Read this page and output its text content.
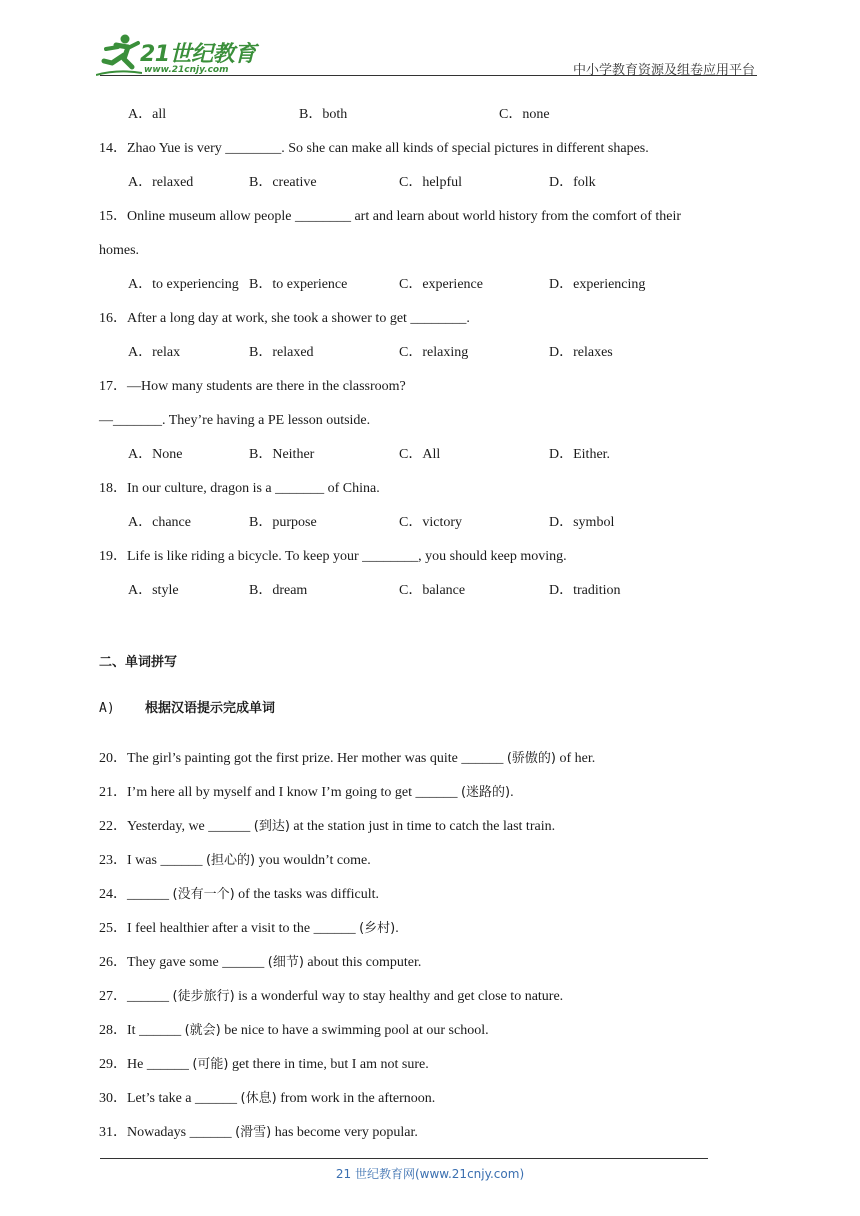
21世纪教育
www.21cnjy.com	中小学教育资源及组卷应用平台
A．all	B．both	C．none
14．Zhao Yue is very ________. So she can make all kinds of special pictures in different shapes.
A．relaxed	B．creative	C．helpful	D．folk
15．Online museum allow people ________ art and learn about world history from the comfort of their
homes.
A．to experiencing B．to experience	C．experience	D．experiencing
16．After a long day at work, she took a shower to get ________.
A．relax	B．relaxed	C．relaxing	D．relaxes
17．—How many students are there in the classroom?
—_______. They’re having a PE lesson outside.
A．None	B．Neither	C．All	D．Either.
18．In our culture, dragon is a _______ of China.
A．chance	B．purpose	C．victory	D．symbol
19．Life is like riding a bicycle. To keep your ________, you should keep moving.
A．style	B．dream	C．balance	D．tradition
二、单词拼写
A) 根据汉语提示完成单词
20．The girl’s painting got the first prize. Her mother was quite ______ (骄傲的) of her.
21．I’m here all by myself and I know I’m going to get ______ (迷路的).
22．Yesterday, we ______ (到达) at the station just in time to catch the last train.
23．I was ______ (担心的) you wouldn’t come.
24．______ (没有一个) of the tasks was difficult.
25．I feel healthier after a visit to the ______ (乡村).
26．They gave some ______ (细节) about this computer.
27．______ (徒步旅行) is a wonderful way to stay healthy and get close to nature.
28．It ______ (就会) be nice to have a swimming pool at our school.
29．He ______ (可能) get there in time, but I am not sure.
30．Let’s take a ______ (休息) from work in the afternoon.
31．Nowadays ______ (滑雪) has become very popular.
21 世纪教育网(www.21cnjy.com)
